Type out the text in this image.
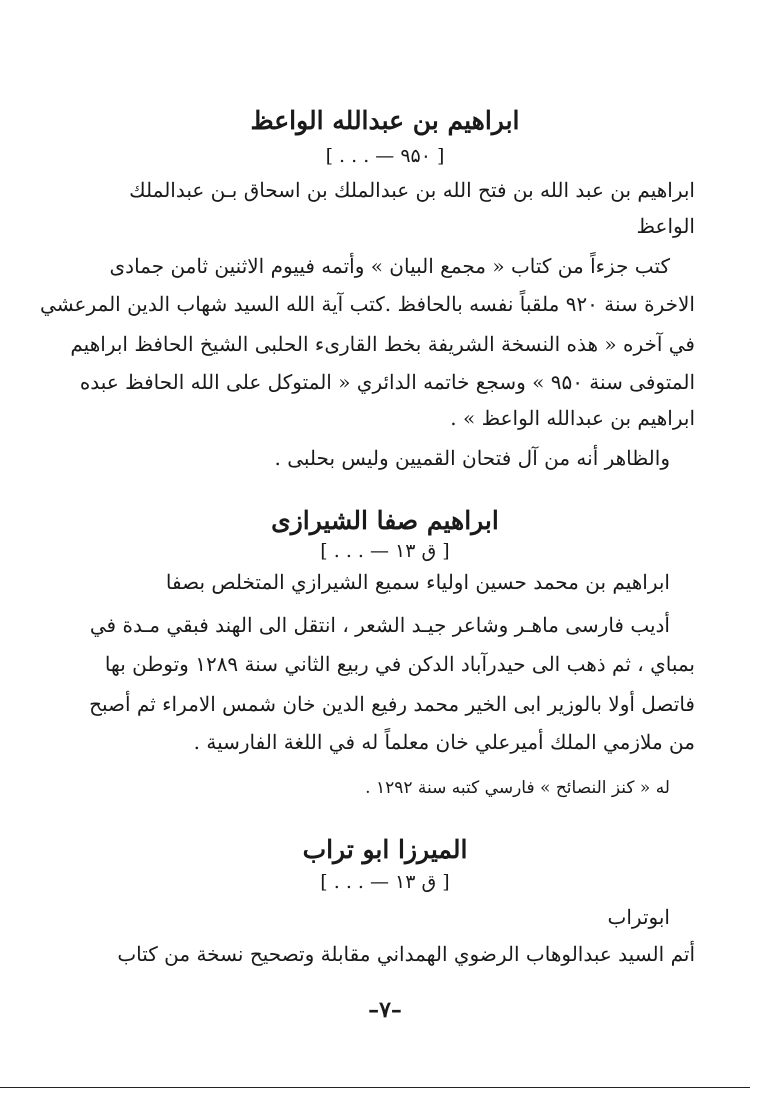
ابراهيم بن عبدالله الواعظ
[ ۹۵۰ — . . . ]
ابراهيم بن عبد الله بن فتح الله بن عبدالملك بن اسحاق بـن عبدالملك
الواعظ
كتب جزءاً من كتاب « مجمع البيان » وأتمه فييوم الاثنين ثامن جمادى
الاخرة سنة ۹۲۰ ملقباً نفسه بالحافظ .كتب آية الله السيد شهاب الدين المرعشي
في آخره « هذه النسخة الشريفة بخط القارىء الحلبى الشيخ الحافظ ابراهيم
المتوفى سنة ۹۵۰ » وسجع خاتمه الدائري « المتوكل على الله الحافظ عبده
ابراهيم بن عبدالله الواعظ » .
والظاهر أنه من آل فتحان القميين وليس بحلبى .
ابراهيم صفا الشيرازى
[ ق ۱۳ — . . . ]
ابراهيم بن محمد حسين اولياء سميع الشيرازي المتخلص بصفا
أديب فارسى ماهـر وشاعر جيـد الشعر ، انتقل الى الهند فبقي مـدة في
بمباي ، ثم ذهب الى حيدرآباد الدكن في ربيع الثاني سنة ۱۲۸۹ وتوطن بها
فاتصل أولا بالوزير ابى الخير محمد رفيع الدين خان شمس الامراء ثم أصبح
من ملازمي الملك أميرعلي خان معلماً له في اللغة الفارسية .
له « كنز النصائح » فارسي كتبه سنة ۱۲۹۲ .
الميرزا ابو تراب
[ ق ۱۳ — . . . ]
ابوتراب
أتم السيد عبدالوهاب الرضوي الهمداني مقابلة وتصحيح نسخة من كتاب
–۷–
